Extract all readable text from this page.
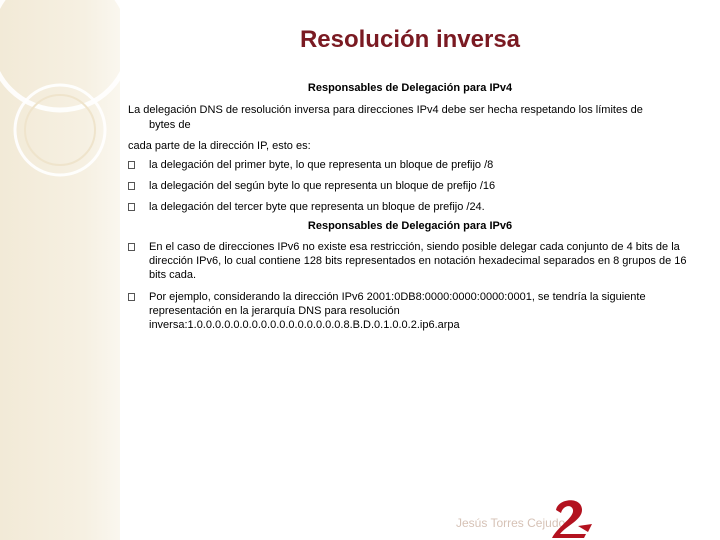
Resolución inversa
Responsables de Delegación para IPv4
La delegación DNS de resolución inversa para direcciones IPv4 debe ser hecha respetando los límites de
bytes de
cada parte de la dirección IP, esto es:
la delegación del primer byte, lo que representa un bloque de prefijo /8
la delegación del según byte lo que representa un bloque de prefijo /16
la delegación del tercer byte que representa un bloque de prefijo /24.
Responsables de Delegación para IPv6
En el caso de direcciones IPv6 no existe esa restricción, siendo posible delegar cada conjunto de 4 bits de la dirección IPv6, lo cual contiene 128 bits representados en notación hexadecimal separados en 8 grupos de 16 bits cada.
Por ejemplo, considerando la dirección IPv6 2001:0DB8:0000:0000:0000:0001, se tendría la siguiente representación en la jerarquía DNS para resolución inversa:1.0.0.0.0.0.0.0.0.0.0.0.0.0.0.0.0.8.B.D.0.1.0.0.2.ip6.arpa
Jesús Torres Cejudo
